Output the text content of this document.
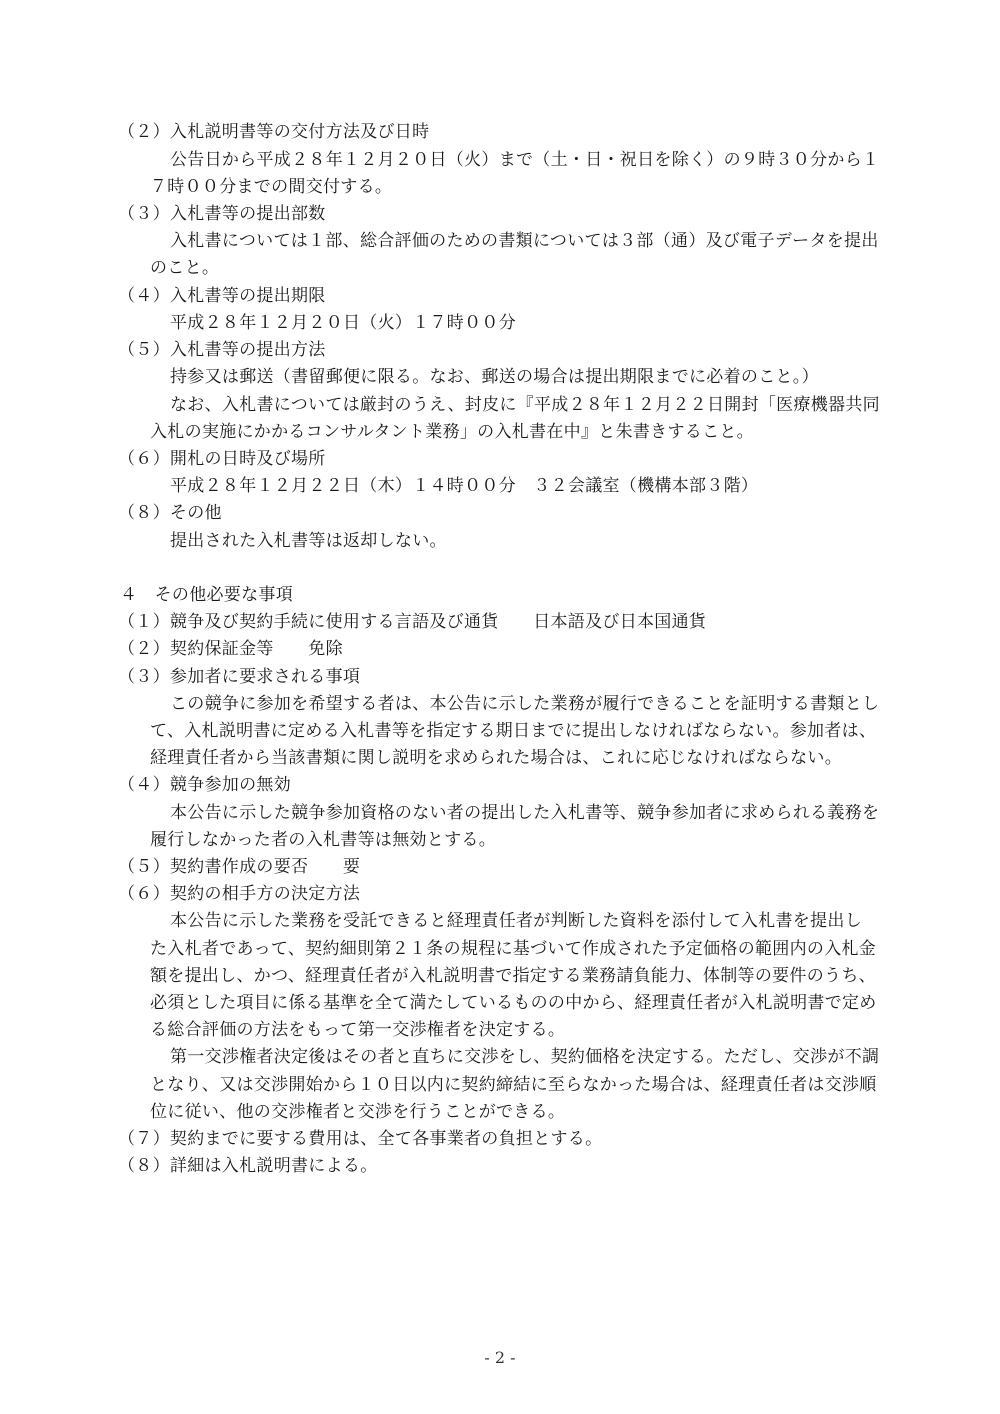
（２）入札説明書等の交付方法及び日時
公告日から平成２８年１２月２０日（火）まで（土・日・祝日を除く）の９時３０分から１
７時００分までの間交付する。
（３）入札書等の提出部数
入札書については１部、総合評価のための書類については３部（通）及び電子データを提出
のこと。
（４）入札書等の提出期限
平成２８年１２月２０日（火）１７時００分
（５）入札書等の提出方法
持参又は郵送（書留郵便に限る。なお、郵送の場合は提出期限までに必着のこと。）
なお、入札書については厳封のうえ、封皮に『平成２８年１２月２２日開封「医療機器共同
入札の実施にかかるコンサルタント業務」の入札書在中』と朱書きすること。
（６）開札の日時及び場所
平成２８年１２月２２日（木）１４時００分　３２会議室（機構本部３階）
（８）その他
提出された入札書等は返却しない。
４　その他必要な事項
（１）競争及び契約手続に使用する言語及び通貨　　日本語及び日本国通貨
（２）契約保証金等　　免除
（３）参加者に要求される事項
この競争に参加を希望する者は、本公告に示した業務が履行できることを証明する書類とし
て、入札説明書に定める入札書等を指定する期日までに提出しなければならない。参加者は、
経理責任者から当該書類に関し説明を求められた場合は、これに応じなければならない。
（４）競争参加の無効
本公告に示した競争参加資格のない者の提出した入札書等、競争参加者に求められる義務を
履行しなかった者の入札書等は無効とする。
（５）契約書作成の要否　　要
（６）契約の相手方の決定方法
本公告に示した業務を受託できると経理責任者が判断した資料を添付して入札書を提出し
た入札者であって、契約細則第２１条の規程に基づいて作成された予定価格の範囲内の入札金
額を提出し、かつ、経理責任者が入札説明書で指定する業務請負能力、体制等の要件のうち、
必須とした項目に係る基準を全て満たしているものの中から、経理責任者が入札説明書で定め
る総合評価の方法をもって第一交渉権者を決定する。
第一交渉権者決定後はその者と直ちに交渉をし、契約価格を決定する。ただし、交渉が不調
となり、又は交渉開始から１０日以内に契約締結に至らなかった場合は、経理責任者は交渉順
位に従い、他の交渉権者と交渉を行うことができる。
（７）契約までに要する費用は、全て各事業者の負担とする。
（８）詳細は入札説明書による。
- 2 -
